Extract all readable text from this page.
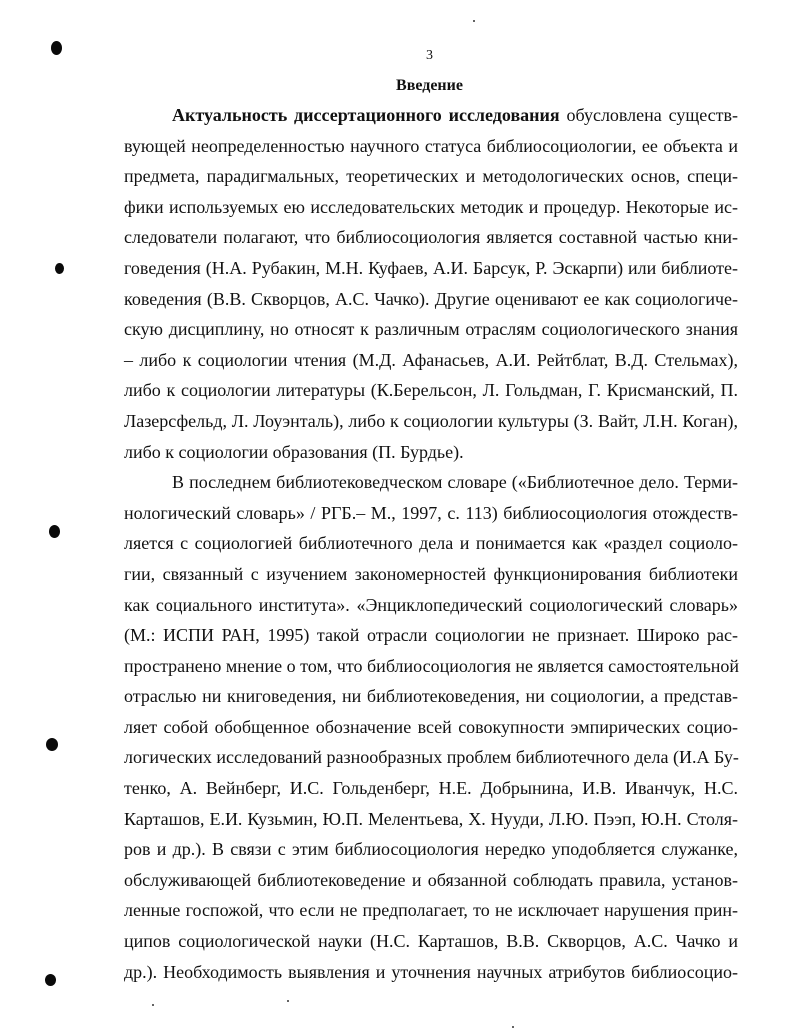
3
Введение
Актуальность диссертационного исследования обусловлена существ-
вующей неопределенностью научного статуса библиосоциологии, ее объекта и
предмета, парадигмальных, теоретических и методологических основ, специ-
фики используемых ею исследовательских методик и процедур. Некоторые ис-
следователи полагают, что библиосоциология является составной частью кни-
говедения (Н.А. Рубакин, М.Н. Куфаев, А.И. Барсук, Р. Эскарпи) или библиоте-
коведения (В.В. Скворцов, А.С. Чачко). Другие оценивают ее как социологиче-
скую дисциплину, но относят к различным отраслям социологического знания
– либо к социологии чтения (М.Д. Афанасьев, А.И. Рейтблат, В.Д. Стельмах),
либо к социологии литературы (К.Берельсон, Л. Гольдман, Г. Крисманский, П.
Лазерсфельд, Л. Лоуэнталь), либо к социологии культуры (З. Вайт, Л.Н. Коган),
либо к социологии образования (П. Бурдье).
В последнем библиотековедческом словаре («Библиотечное дело. Терми-
нологический словарь» / РГБ.– М., 1997, с. 113) библиосоциология отождеств-
ляется с социологией библиотечного дела и понимается как «раздел социоло-
гии, связанный с изучением закономерностей функционирования библиотеки
как социального института». «Энциклопедический социологический словарь»
(М.: ИСПИ РАН, 1995) такой отрасли социологии не признает. Широко рас-
пространено мнение о том, что библиосоциология не является самостоятельной
отраслью ни книговедения, ни библиотековедения, ни социологии, а представ-
ляет собой обобщенное обозначение всей совокупности эмпирических социо-
логических исследований разнообразных проблем библиотечного дела (И.А Бу-
тенко, А. Вейнберг, И.С. Гольденберг, Н.Е. Добрынина, И.В. Иванчук, Н.С.
Карташов, Е.И. Кузьмин, Ю.П. Мелентьева, Х. Нууди, Л.Ю. Пээп, Ю.Н. Столя-
ров и др.). В связи с этим библиосоциология нередко уподобляется служанке,
обслуживающей библиотековедение и обязанной соблюдать правила, установ-
ленные госпожой, что если не предполагает, то не исключает нарушения прин-
ципов социологической науки (Н.С. Карташов, В.В. Скворцов, А.С. Чачко и
др.). Необходимость выявления и уточнения научных атрибутов библиосоцио-
